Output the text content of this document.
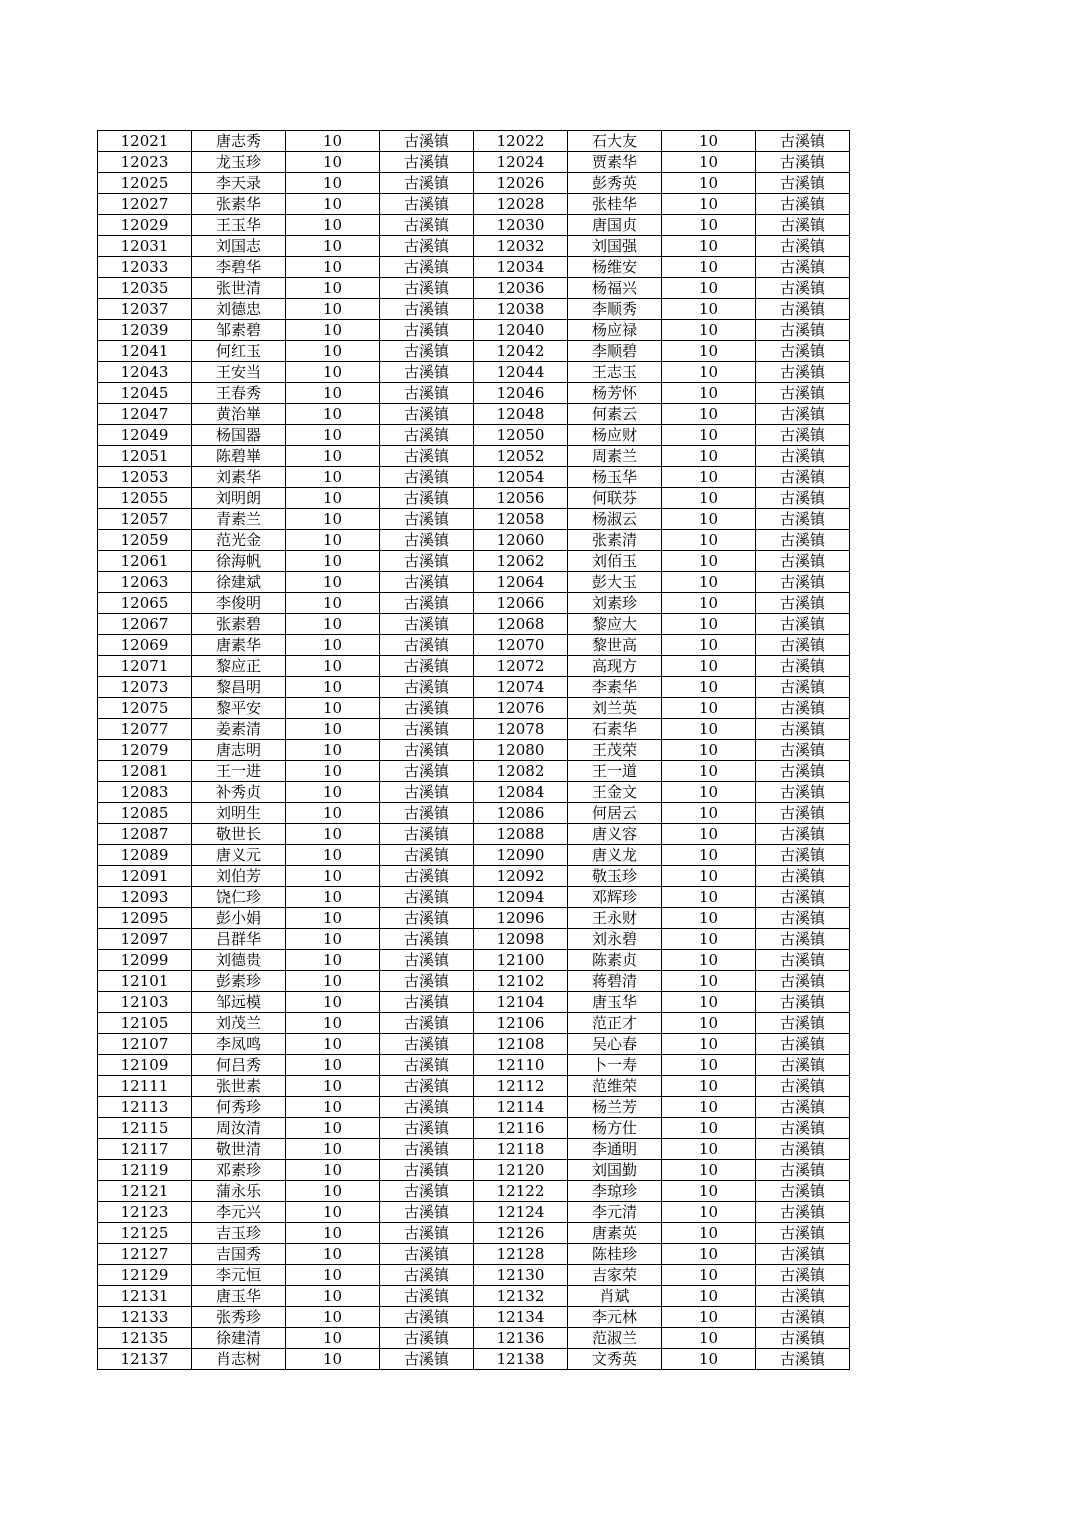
12021	唐志秀	10	古溪镇	12022	石大友	10	古溪镇
12023	龙玉珍	10	古溪镇	12024	贾素华	10	古溪镇
12025	李天录	10	古溪镇	12026	彭秀英	10	古溪镇
12027	张素华	10	古溪镇	12028	张桂华	10	古溪镇
12029	王玉华	10	古溪镇	12030	唐国贞	10	古溪镇
12031	刘国志	10	古溪镇	12032	刘国强	10	古溪镇
12033	李碧华	10	古溪镇	12034	杨维安	10	古溪镇
12035	张世清	10	古溪镇	12036	杨福兴	10	古溪镇
12037	刘德忠	10	古溪镇	12038	李顺秀	10	古溪镇
12039	邹素碧	10	古溪镇	12040	杨应禄	10	古溪镇
12041	何红玉	10	古溪镇	12042	李顺碧	10	古溪镇
12043	王安当	10	古溪镇	12044	王志玉	10	古溪镇
12045	王春秀	10	古溪镇	12046	杨芳怀	10	古溪镇
12047	黄治崋	10	古溪镇	12048	何素云	10	古溪镇
12049	杨国器	10	古溪镇	12050	杨应财	10	古溪镇
12051	陈碧崋	10	古溪镇	12052	周素兰	10	古溪镇
12053	刘素华	10	古溪镇	12054	杨玉华	10	古溪镇
12055	刘明朗	10	古溪镇	12056	何联芬	10	古溪镇
12057	青素兰	10	古溪镇	12058	杨淑云	10	古溪镇
12059	范光金	10	古溪镇	12060	张素清	10	古溪镇
12061	徐海帆	10	古溪镇	12062	刘佰玉	10	古溪镇
12063	徐建斌	10	古溪镇	12064	彭大玉	10	古溪镇
12065	李俊明	10	古溪镇	12066	刘素珍	10	古溪镇
12067	张素碧	10	古溪镇	12068	黎应大	10	古溪镇
12069	唐素华	10	古溪镇	12070	黎世高	10	古溪镇
12071	黎应正	10	古溪镇	12072	高现方	10	古溪镇
12073	黎昌明	10	古溪镇	12074	李素华	10	古溪镇
12075	黎平安	10	古溪镇	12076	刘兰英	10	古溪镇
12077	姜素清	10	古溪镇	12078	石素华	10	古溪镇
12079	唐志明	10	古溪镇	12080	王茂荣	10	古溪镇
12081	王一进	10	古溪镇	12082	王一道	10	古溪镇
12083	补秀贞	10	古溪镇	12084	王金文	10	古溪镇
12085	刘明生	10	古溪镇	12086	何居云	10	古溪镇
12087	敬世长	10	古溪镇	12088	唐义容	10	古溪镇
12089	唐义元	10	古溪镇	12090	唐义龙	10	古溪镇
12091	刘伯芳	10	古溪镇	12092	敬玉珍	10	古溪镇
12093	饶仁珍	10	古溪镇	12094	邓辉珍	10	古溪镇
12095	彭小娟	10	古溪镇	12096	王永财	10	古溪镇
12097	吕群华	10	古溪镇	12098	刘永碧	10	古溪镇
12099	刘德贵	10	古溪镇	12100	陈素贞	10	古溪镇
12101	彭素珍	10	古溪镇	12102	蒋碧清	10	古溪镇
12103	邹远模	10	古溪镇	12104	唐玉华	10	古溪镇
12105	刘茂兰	10	古溪镇	12106	范正才	10	古溪镇
12107	李凤鸣	10	古溪镇	12108	吴心春	10	古溪镇
12109	何吕秀	10	古溪镇	12110	卜一寿	10	古溪镇
12111	张世素	10	古溪镇	12112	范维荣	10	古溪镇
12113	何秀珍	10	古溪镇	12114	杨兰芳	10	古溪镇
12115	周汝清	10	古溪镇	12116	杨方仕	10	古溪镇
12117	敬世清	10	古溪镇	12118	李通明	10	古溪镇
12119	邓素珍	10	古溪镇	12120	刘国勤	10	古溪镇
12121	蒲永乐	10	古溪镇	12122	李琼珍	10	古溪镇
12123	李元兴	10	古溪镇	12124	李元清	10	古溪镇
12125	吉玉珍	10	古溪镇	12126	唐素英	10	古溪镇
12127	吉国秀	10	古溪镇	12128	陈桂珍	10	古溪镇
12129	李元恒	10	古溪镇	12130	吉家荣	10	古溪镇
12131	唐玉华	10	古溪镇	12132	肖斌	10	古溪镇
12133	张秀珍	10	古溪镇	12134	李元林	10	古溪镇
12135	徐建清	10	古溪镇	12136	范淑兰	10	古溪镇
12137	肖志树	10	古溪镇	12138	文秀英	10	古溪镇
